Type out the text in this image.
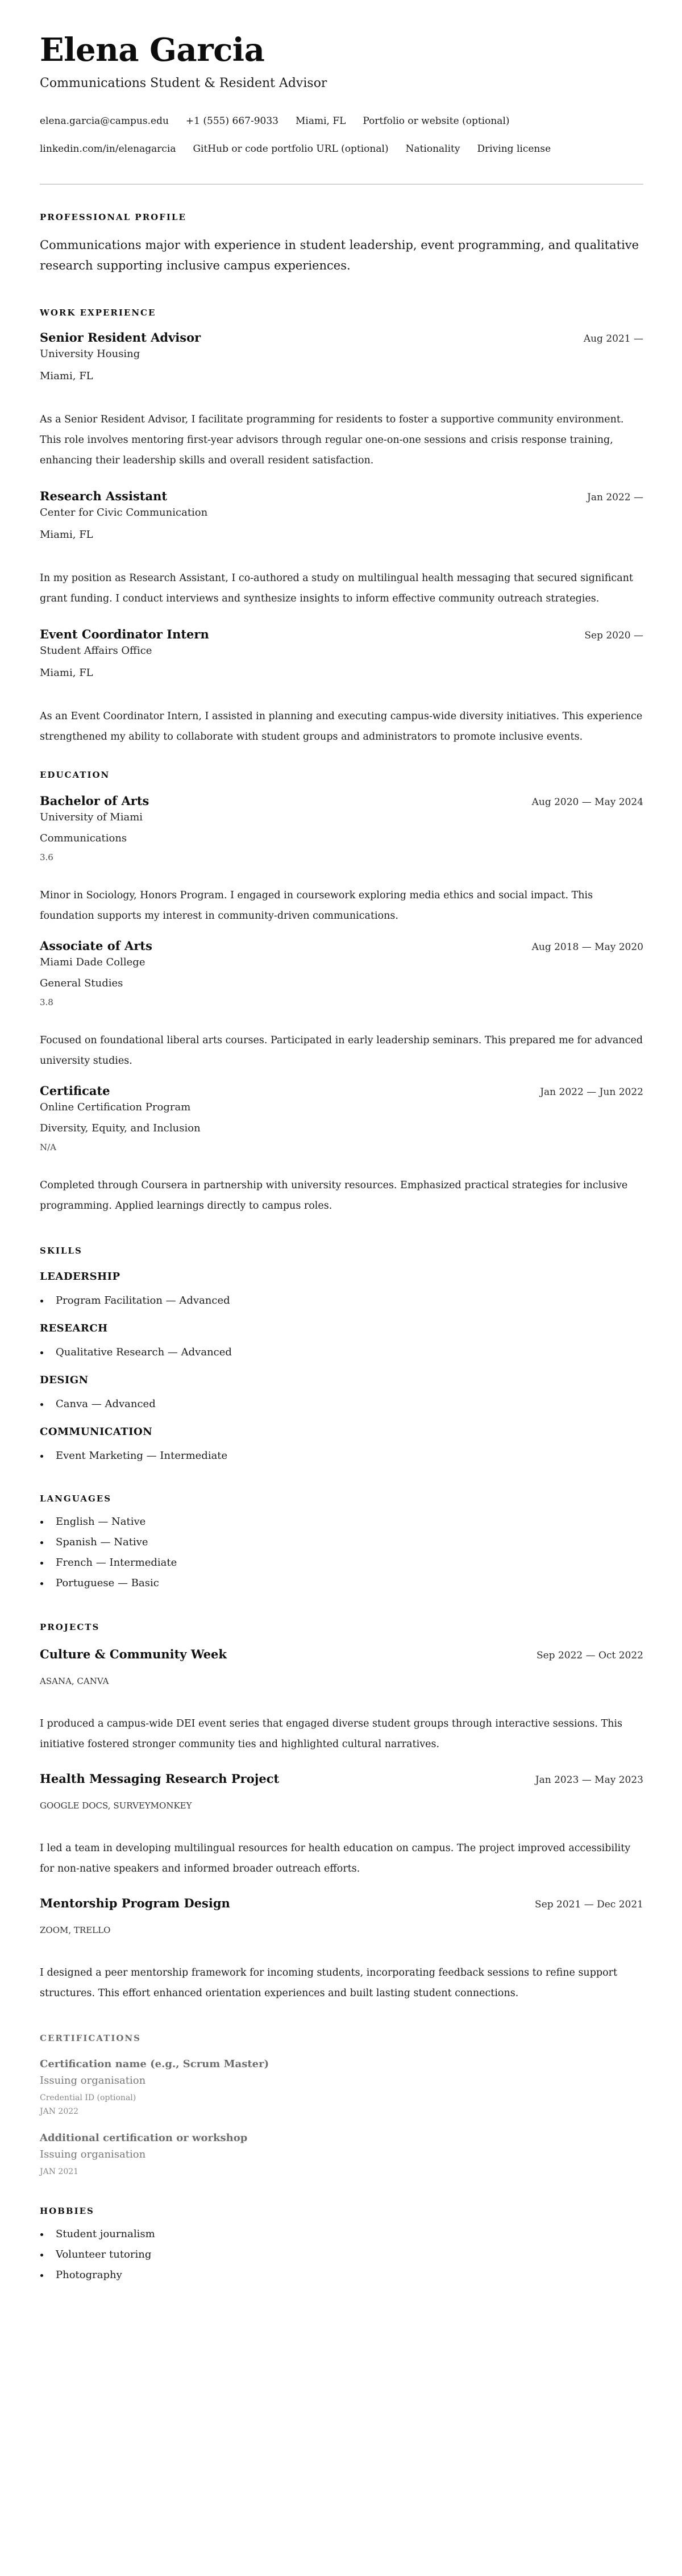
Elena Garcia
Communications Student & Resident Advisor
elena.garcia@campus.edu +1 (555) 667-9033 Miami, FL Portfolio or website (optional)
linkedin.com/in/elenagarcia GitHub or code portfolio URL (optional) Nationality Driving license
PROFESSIONAL PROFILE

Communications major with experience in student leadership, event programming, and qualitative research supporting inclusive campus experiences.

WORK EXPERIENCE
Senior Resident Advisor	Aug 2021 —
University Housing
Miami, FL

As a Senior Resident Advisor, I facilitate programming for residents to foster a supportive community environment. This role involves mentoring first-year advisors through regular one-on-one sessions and crisis response training, enhancing their leadership skills and overall resident satisfaction.

Research Assistant	Jan 2022 —
Center for Civic Communication
Miami, FL

In my position as Research Assistant, I co-authored a study on multilingual health messaging that secured significant grant funding. I conduct interviews and synthesize insights to inform effective community outreach strategies.

Event Coordinator Intern	Sep 2020 —
Student Affairs Office
Miami, FL

As an Event Coordinator Intern, I assisted in planning and executing campus-wide diversity initiatives. This experience strengthened my ability to collaborate with student groups and administrators to promote inclusive events.

EDUCATION
Bachelor of Arts	Aug 2020 — May 2024
University of Miami
Communications
3.6

Minor in Sociology, Honors Program. I engaged in coursework exploring media ethics and social impact. This foundation supports my interest in community-driven communications.

Associate of Arts	Aug 2018 — May 2020
Miami Dade College
General Studies
3.8

Focused on foundational liberal arts courses. Participated in early leadership seminars. This prepared me for advanced university studies.

Certificate	Jan 2022 — Jun 2022
Online Certification Program
Diversity, Equity, and Inclusion
N/A

Completed through Coursera in partnership with university resources. Emphasized practical strategies for inclusive programming. Applied learnings directly to campus roles.

SKILLS
LEADERSHIP
Program Facilitation — Advanced
RESEARCH
Qualitative Research — Advanced
DESIGN
Canva — Advanced
COMMUNICATION
Event Marketing — Intermediate
LANGUAGES
English — Native
Spanish — Native
French — Intermediate
Portuguese — Basic
PROJECTS
Culture & Community Week	Sep 2022 — Oct 2022
ASANA, CANVA

I produced a campus-wide DEI event series that engaged diverse student groups through interactive sessions. This initiative fostered stronger community ties and highlighted cultural narratives.

Health Messaging Research Project	Jan 2023 — May 2023
GOOGLE DOCS, SURVEYMONKEY

I led a team in developing multilingual resources for health education on campus. The project improved accessibility for non-native speakers and informed broader outreach efforts.

Mentorship Program Design	Sep 2021 — Dec 2021
ZOOM, TRELLO

I designed a peer mentorship framework for incoming students, incorporating feedback sessions to refine support structures. This effort enhanced orientation experiences and built lasting student connections.

CERTIFICATIONS
Certification name (e.g., Scrum Master)
Issuing organisation
Credential ID (optional)
JAN 2022
Additional certification or workshop
Issuing organisation
JAN 2021
HOBBIES
Student journalism
Volunteer tutoring
Photography
